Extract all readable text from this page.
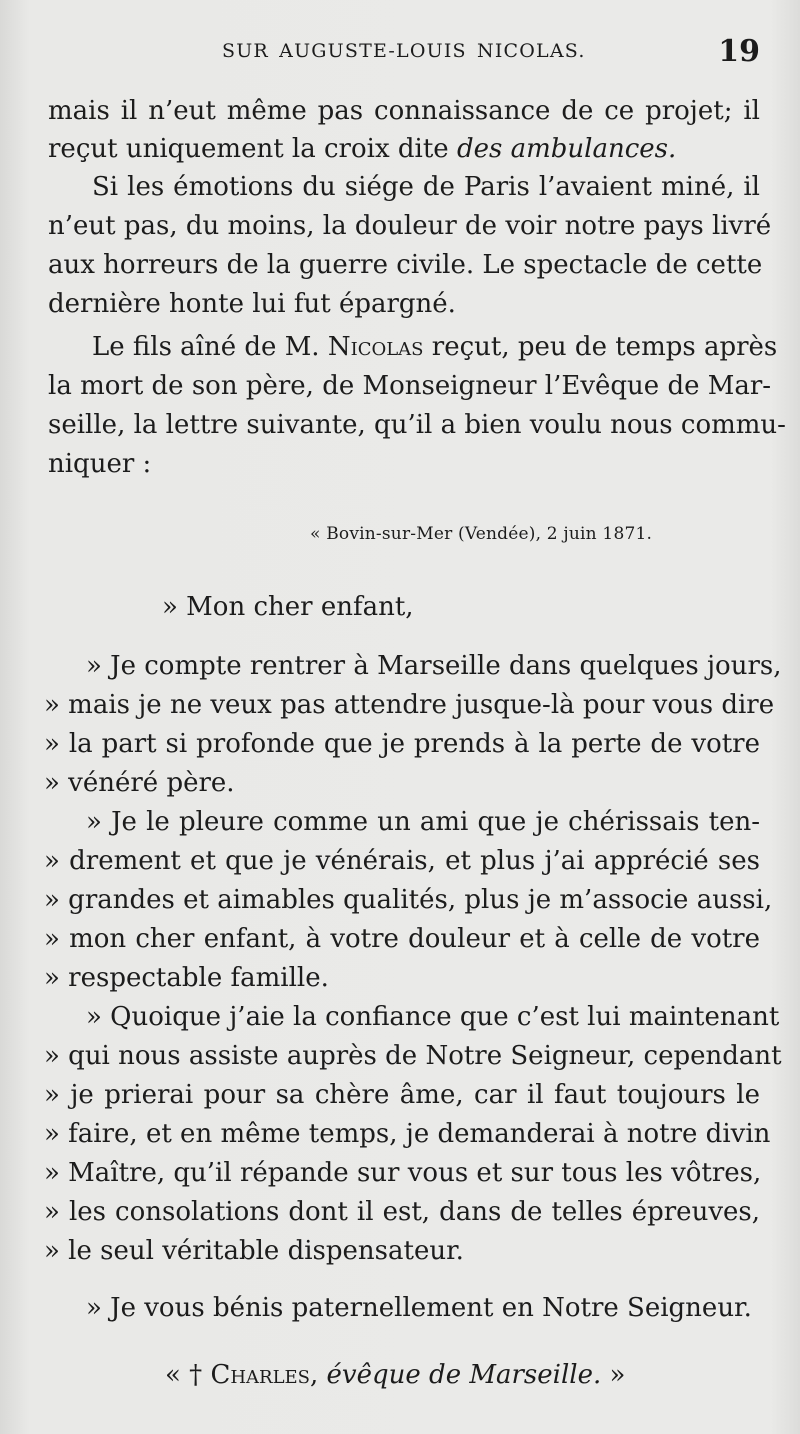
SUR AUGUSTE-LOUIS NICOLAS.	19
mais il n’eut même pas connaissance de ce projet; il
reçut uniquement la croix dite des ambulances.
Si les émotions du siége de Paris l’avaient miné, il
n’eut pas, du moins, la douleur de voir notre pays livré
aux horreurs de la guerre civile. Le spectacle de cette
dernière honte lui fut épargné.
Le fils aîné de M. Nicolas reçut, peu de temps après
la mort de son père, de Monseigneur l’Evêque de Mar-
seille, la lettre suivante, qu’il a bien voulu nous commu-
niquer :
« Bovin-sur-Mer (Vendée), 2 juin 1871.
» Mon cher enfant,
» Je compte rentrer à Marseille dans quelques jours,
» mais je ne veux pas attendre jusque-là pour vous dire
» la part si profonde que je prends à la perte de votre
» vénéré père.
» Je le pleure comme un ami que je chérissais ten-
» drement et que je vénérais, et plus j’ai apprécié ses
» grandes et aimables qualités, plus je m’associe aussi,
» mon cher enfant, à votre douleur et à celle de votre
» respectable famille.
» Quoique j’aie la confiance que c’est lui maintenant
» qui nous assiste auprès de Notre Seigneur, cependant
» je prierai pour sa chère âme, car il faut toujours le
» faire, et en même temps, je demanderai à notre divin
» Maître, qu’il répande sur vous et sur tous les vôtres,
» les consolations dont il est, dans de telles épreuves,
» le seul véritable dispensateur.
» Je vous bénis paternellement en Notre Seigneur.
« † Charles, évêque de Marseille. »
